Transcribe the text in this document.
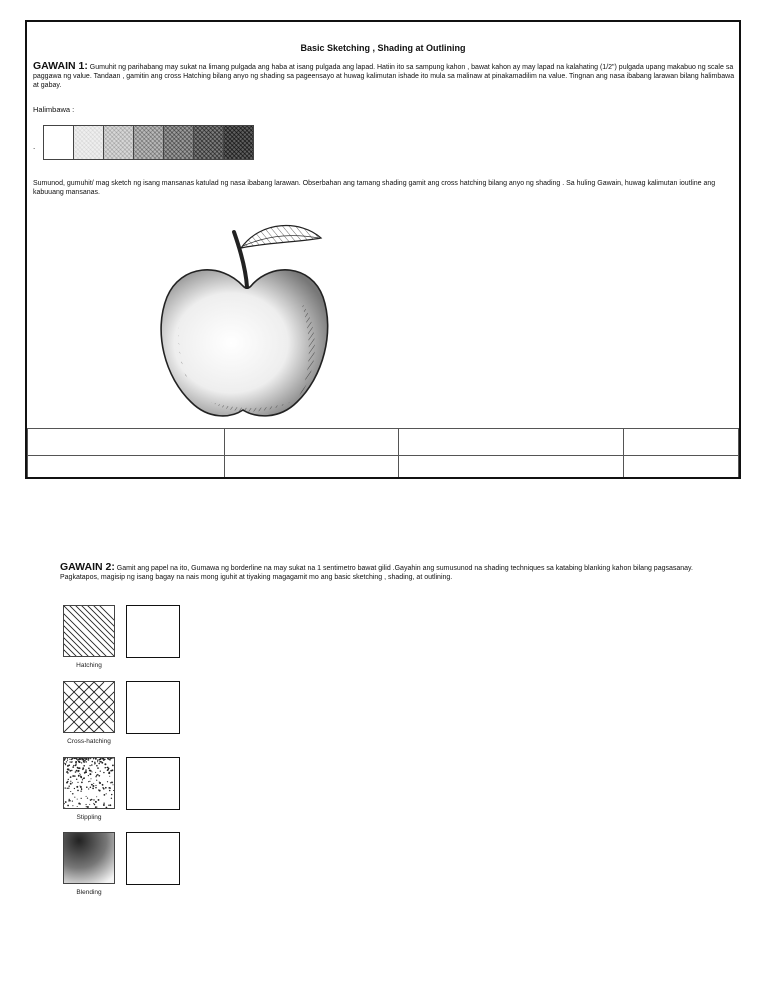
Basic Sketching , Shading at Outlining
GAWAIN 1: Gumuhit ng parihabang may sukat na limang pulgada ang haba at isang pulgada ang lapad. Hatiin ito sa sampung kahon , bawat kahon ay may lapad na kalahating (1/2") pulgada upang makabuo ng scale sa paggawa ng value. Tandaan , gamitin ang cross Hatching bilang anyo ng shading sa pageensayo at huwag kalimutan ishade ito mula sa malinaw at pinakamadilim na value. Tingnan ang nasa ibabang larawan bilang halimbawa at gabay.
Halimbawa :
.
Sumunod, gumuhit/ mag sketch ng isang mansanas katulad ng nasa ibabang larawan. Obserbahan ang tamang shading gamit ang cross hatching bilang anyo ng shading . Sa huling Gawain, huwag kalimutan ioutline ang kabuuang mansanas.

GAWAIN 2: Gamit ang papel na ito, Gumawa ng borderline na may sukat na 1 sentimetro bawat gilid .Gayahin ang sumusunod na shading techniques sa katabing blanking kahon bilang pagsasanay. Pagkatapos, magisip ng isang bagay na nais mong iguhit at tiyaking magagamit mo ang basic sketching , shading, at outlining.
Hatching
Cross-hatching
Stippling
Blending
